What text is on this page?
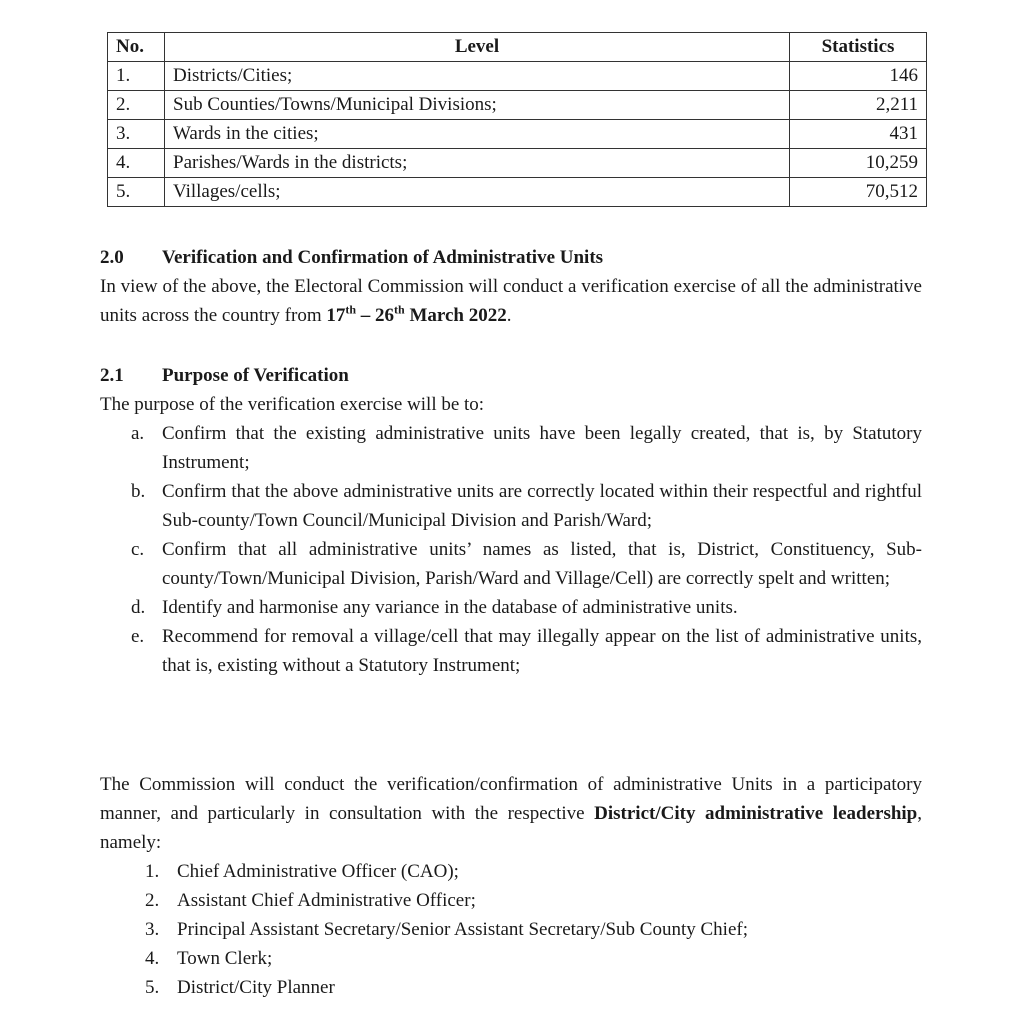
No.	Level	Statistics
1.	Districts/Cities;	146
2.	Sub Counties/Towns/Municipal Divisions;	2,211
3.	Wards in the cities;	431
4.	Parishes/Wards in the districts;	10,259
5.	Villages/cells;	70,512
2.0 Verification and Confirmation of Administrative Units
In view of the above, the Electoral Commission will conduct a verification exercise of all the administrative units across the country from 17th – 26th March 2022.
2.1 Purpose of Verification
The purpose of the verification exercise will be to:
a. Confirm that the existing administrative units have been legally created, that is, by Statutory Instrument;
b. Confirm that the above administrative units are correctly located within their respectful and rightful Sub-county/Town Council/Municipal Division and Parish/Ward;
c. Confirm that all administrative units’ names as listed, that is, District, Constituency, Sub-county/Town/Municipal Division, Parish/Ward and Village/Cell) are correctly spelt and written;
d. Identify and harmonise any variance in the database of administrative units.
e. Recommend for removal a village/cell that may illegally appear on the list of administrative units, that is, existing without a Statutory Instrument;
The Commission will conduct the verification/confirmation of administrative Units in a participatory manner, and particularly in consultation with the respective District/City administrative leadership, namely:
1. Chief Administrative Officer (CAO);
2. Assistant Chief Administrative Officer;
3. Principal Assistant Secretary/Senior Assistant Secretary/Sub County Chief;
4. Town Clerk;
5. District/City Planner
